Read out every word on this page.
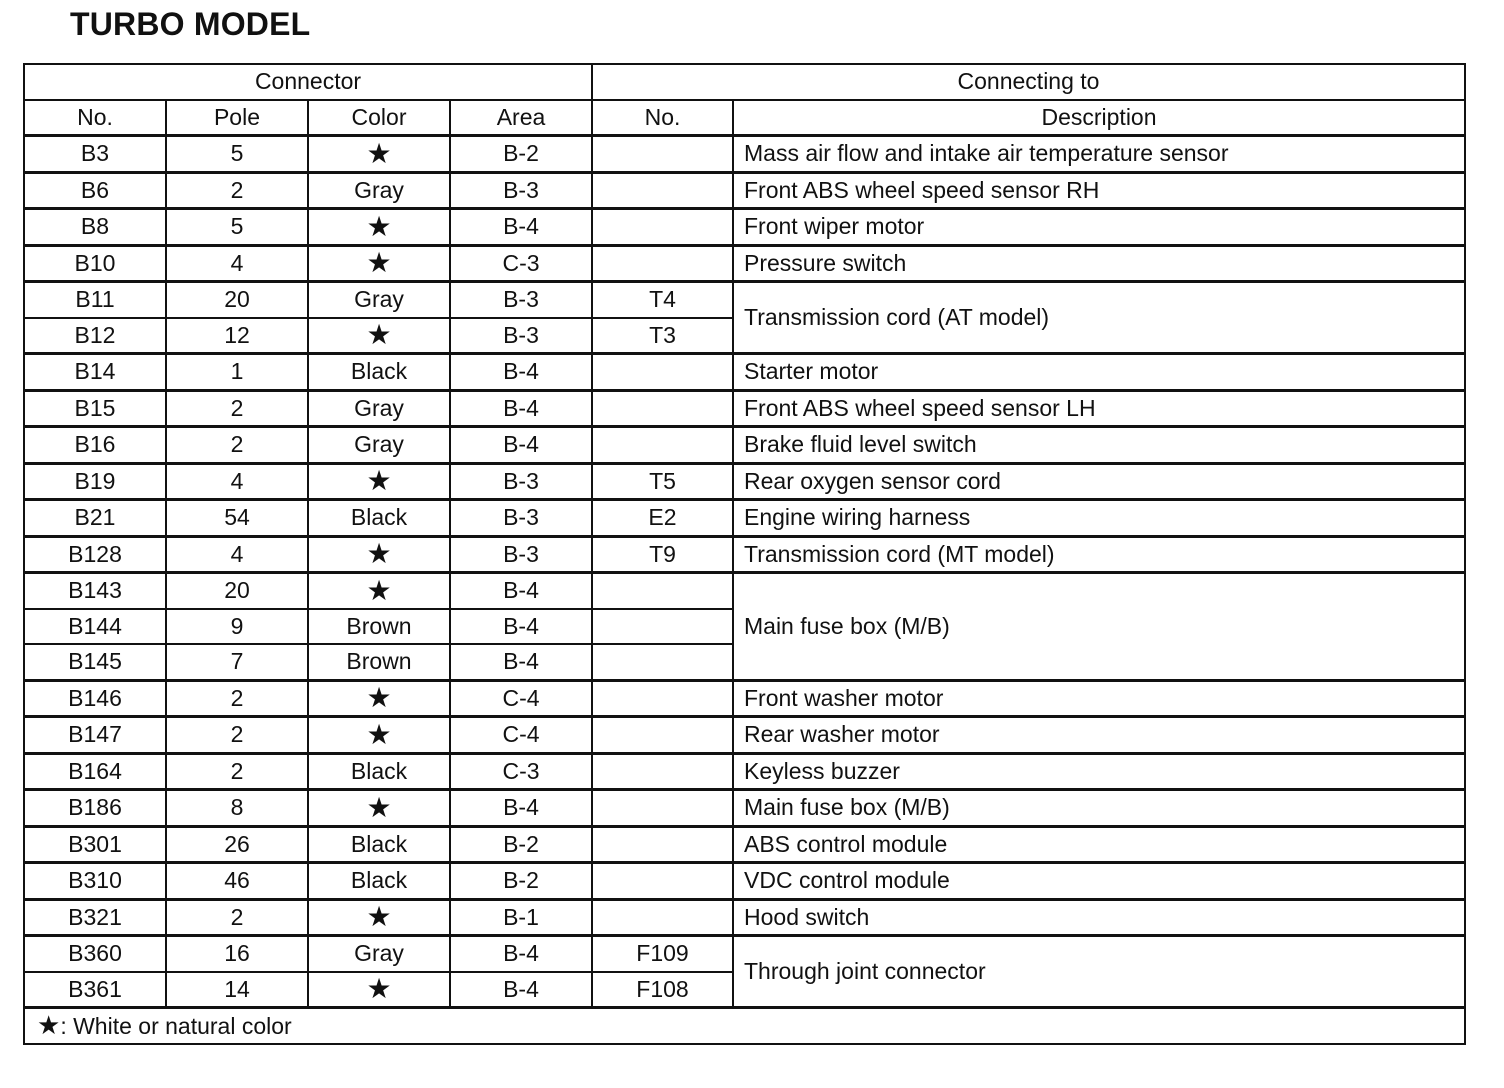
TURBO MODEL
Connector				Connecting to	
No.	Pole	Color	Area	No.	Description
B3	5	★	B-2		Mass air flow and intake air temperature sensor
B6	2	Gray	B-3		Front ABS wheel speed sensor RH
B8	5	★	B-4		Front wiper motor
B10	4	★	C-3		Pressure switch
B11	20	Gray	B-3	T4	Transmission cord (AT model)
B12	12	★	B-3	T3	
B14	1	Black	B-4		Starter motor
B15	2	Gray	B-4		Front ABS wheel speed sensor LH
B16	2	Gray	B-4		Brake fluid level switch
B19	4	★	B-3	T5	Rear oxygen sensor cord
B21	54	Black	B-3	E2	Engine wiring harness
B128	4	★	B-3	T9	Transmission cord (MT model)
B143	20	★	B-4		Main fuse box (M/B)
B144	9	Brown	B-4		
B145	7	Brown	B-4		
B146	2	★	C-4		Front washer motor
B147	2	★	C-4		Rear washer motor
B164	2	Black	C-3		Keyless buzzer
B186	8	★	B-4		Main fuse box (M/B)
B301	26	Black	B-2		ABS control module
B310	46	Black	B-2		VDC control module
B321	2	★	B-1		Hood switch
B360	16	Gray	B-4	F109	Through joint connector
B361	14	★	B-4	F108	
★: White or natural color					
